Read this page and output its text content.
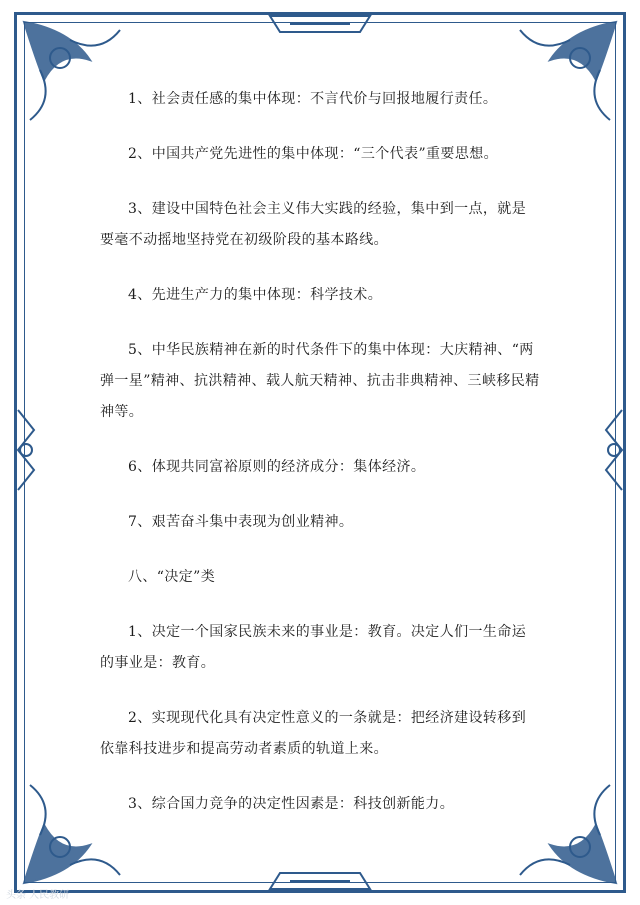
1、社会责任感的集中体现：不言代价与回报地履行责任。

2、中国共产党先进性的集中体现：“三个代表”重要思想。

3、建设中国特色社会主义伟大实践的经验，集中到一点，就是要毫不动摇地坚持党在初级阶段的基本路线。

4、先进生产力的集中体现：科学技术。

5、中华民族精神在新的时代条件下的集中体现：大庆精神、“两弹一星”精神、抗洪精神、载人航天精神、抗击非典精神、三峡移民精神等。

6、体现共同富裕原则的经济成分：集体经济。

7、艰苦奋斗集中表现为创业精神。

八、“决定”类

1、决定一个国家民族未来的事业是：教育。决定人们一生命运的事业是：教育。

2、实现现代化具有决定性意义的一条就是：把经济建设转移到依靠科技进步和提高劳动者素质的轨道上来。

3、综合国力竞争的决定性因素是：科技创新能力。

头条 人民教研
